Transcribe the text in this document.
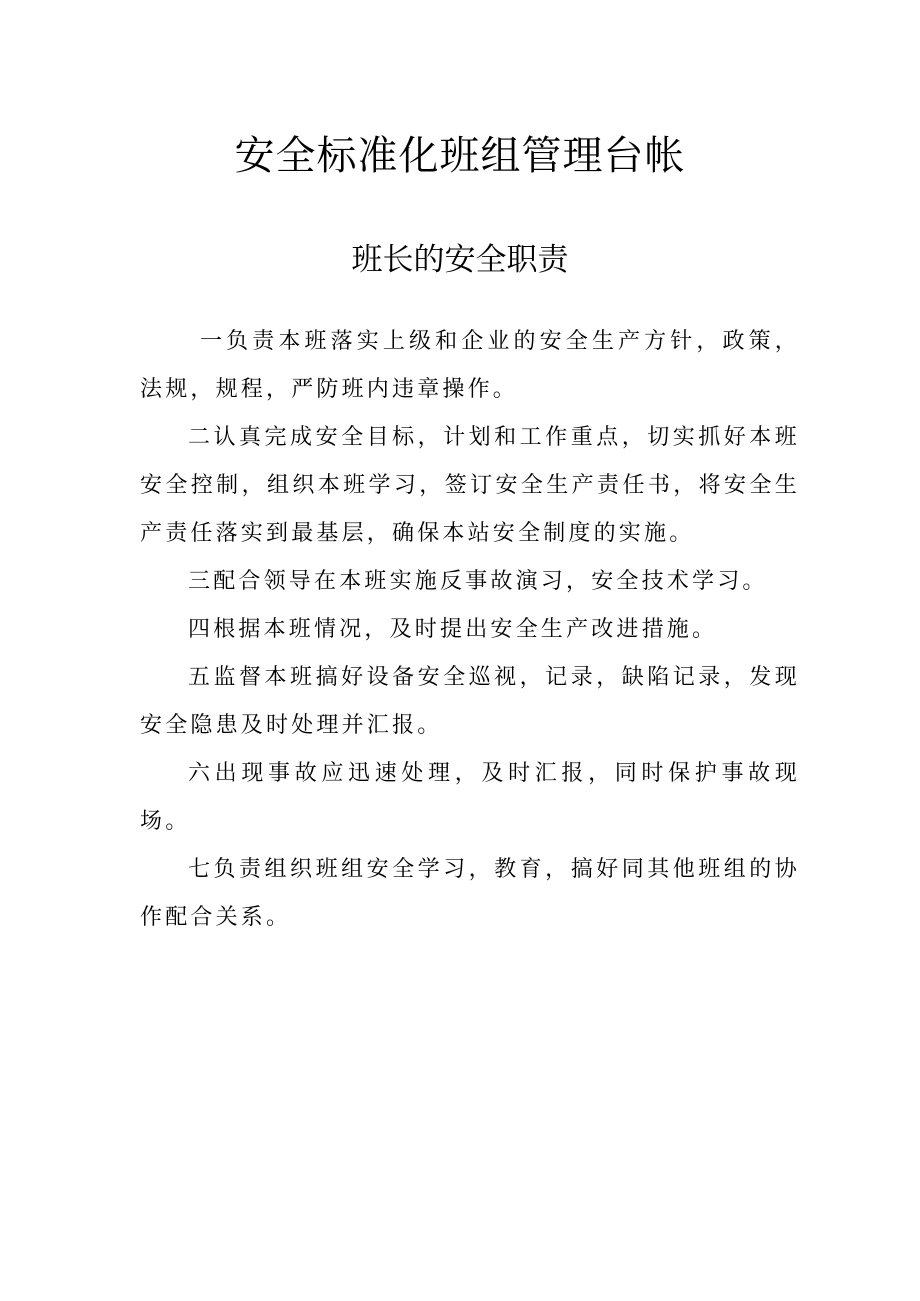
安全标准化班组管理台帐
班长的安全职责

一负责本班落实上级和企业的安全生产方针，政策，法规，规程，严防班内违章操作。

二认真完成安全目标，计划和工作重点，切实抓好本班安全控制，组织本班学习，签订安全生产责任书，将安全生产责任落实到最基层，确保本站安全制度的实施。

三配合领导在本班实施反事故演习，安全技术学习。

四根据本班情况，及时提出安全生产改进措施。

五监督本班搞好设备安全巡视，记录，缺陷记录，发现安全隐患及时处理并汇报。

六出现事故应迅速处理，及时汇报，同时保护事故现场。

七负责组织班组安全学习，教育，搞好同其他班组的协作配合关系。
